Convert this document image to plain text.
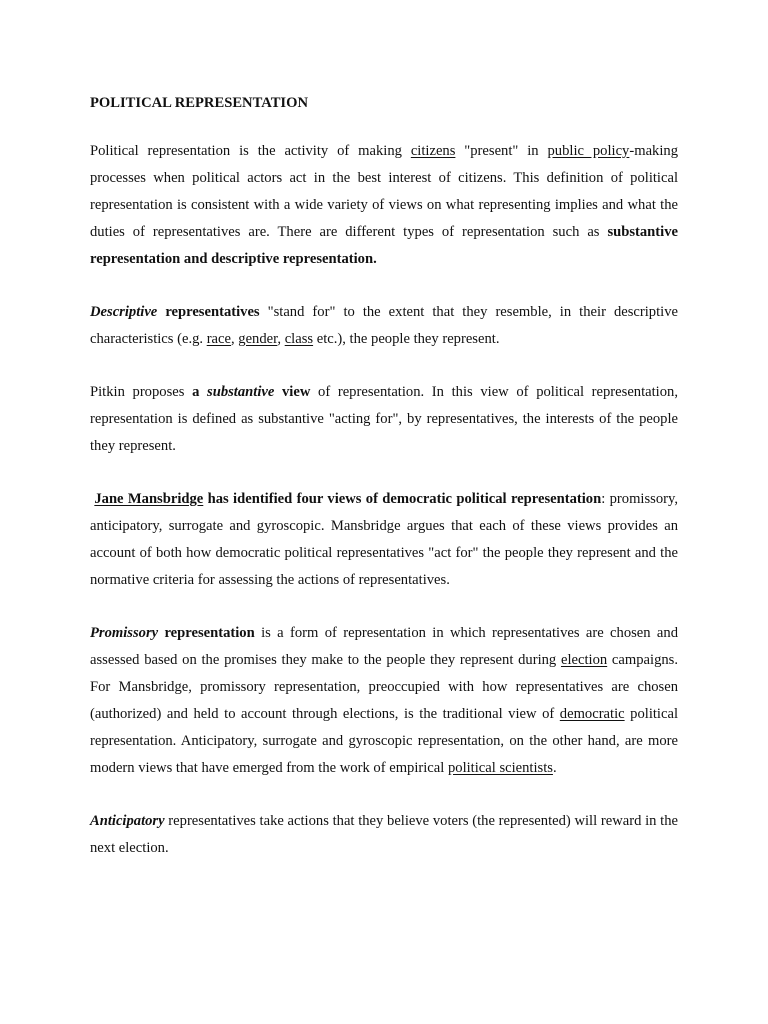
POLITICAL REPRESENTATION

Political representation is the activity of making citizens "present" in public policy-making processes when political actors act in the best interest of citizens. This definition of political representation is consistent with a wide variety of views on what representing implies and what the duties of representatives are. There are different types of representation such as substantive representation and descriptive representation.

Descriptive representatives "stand for" to the extent that they resemble, in their descriptive characteristics (e.g. race, gender, class etc.), the people they represent.

Pitkin proposes a substantive view of representation. In this view of political representation, representation is defined as substantive "acting for", by representatives, the interests of the people they represent.

Jane Mansbridge has identified four views of democratic political representation: promissory, anticipatory, surrogate and gyroscopic. Mansbridge argues that each of these views provides an account of both how democratic political representatives "act for" the people they represent and the normative criteria for assessing the actions of representatives.

Promissory representation is a form of representation in which representatives are chosen and assessed based on the promises they make to the people they represent during election campaigns. For Mansbridge, promissory representation, preoccupied with how representatives are chosen (authorized) and held to account through elections, is the traditional view of democratic political representation. Anticipatory, surrogate and gyroscopic representation, on the other hand, are more modern views that have emerged from the work of empirical political scientists.

Anticipatory representatives take actions that they believe voters (the represented) will reward in the next election.
